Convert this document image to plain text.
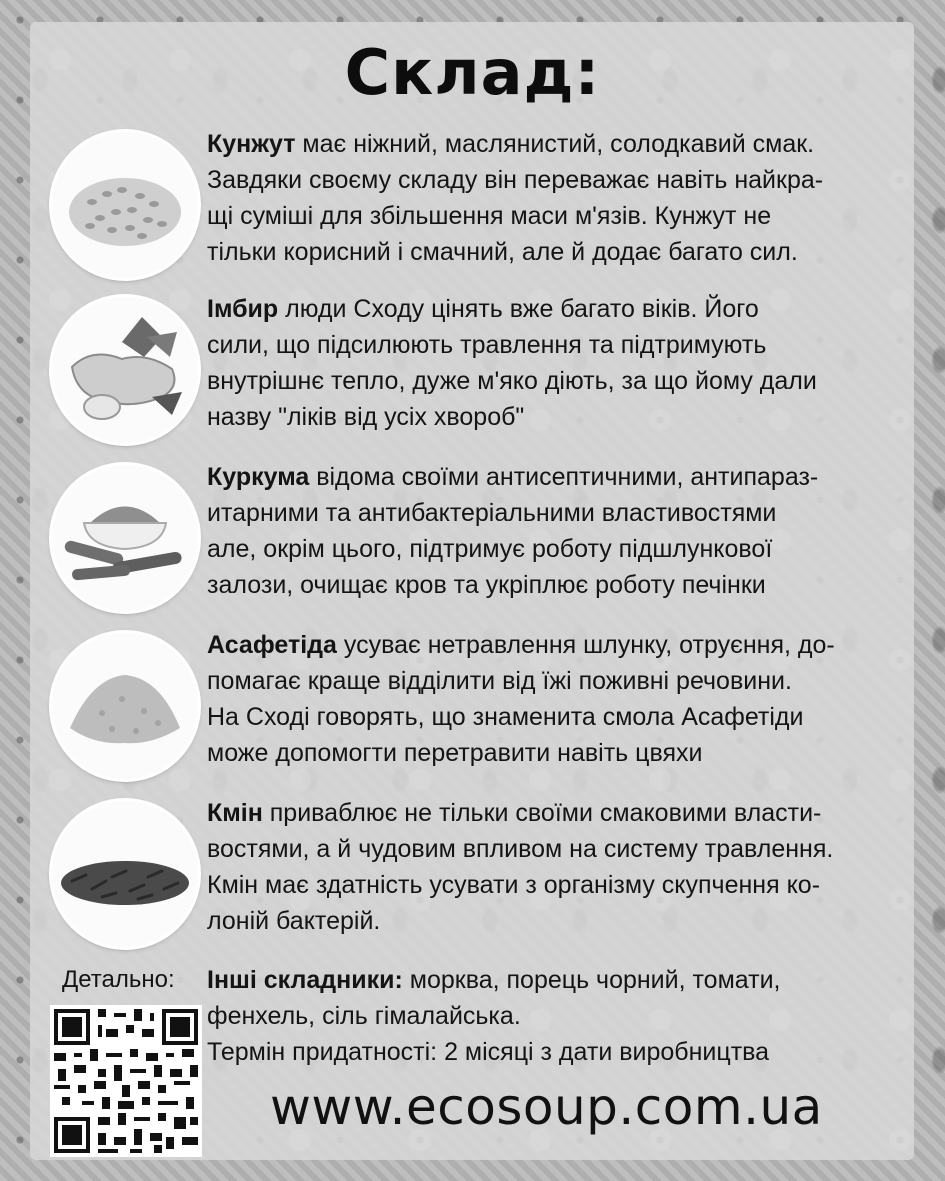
Склад:
Кунжут має ніжний, маслянистий, солодкавий смак.
Завдяки своєму складу він переважає навіть найкра-
щі суміші для збільшення маси м'язів. Кунжут не
тільки корисний і смачний, але й додає багато сил.
Імбир люди Сходу цінять вже багато віків. Його
сили, що підсилюють травлення та підтримують
внутрішнє тепло, дуже м'яко діють, за що йому дали
назву "ліків від усіх хвороб"
Куркума відома своїми антисептичними, антипараз-
итарними та антибактеріальними властивостями
але, окрім цього, підтримує роботу підшлункової
залози, очищає кров та укріплює роботу печінки
Асафетіда усуває нетравлення шлунку, отруєння, до-
помагає краще відділити від їжі поживні речовини.
На Сході говорять, що знаменита смола Асафетіди
може допомогти перетравити навіть цвяхи
Кмін приваблює не тільки своїми смаковими власти-
востями, а й чудовим впливом на систему травлення.
Кмін має здатність усувати з організму скупчення ко-
лоній бактерій.
Детально: Інші складники: морква, порець чорний, томати,
фенхель, сіль гімалайська.
Термін придатності: 2 місяці з дати виробництва
www.ecosoup.com.ua
